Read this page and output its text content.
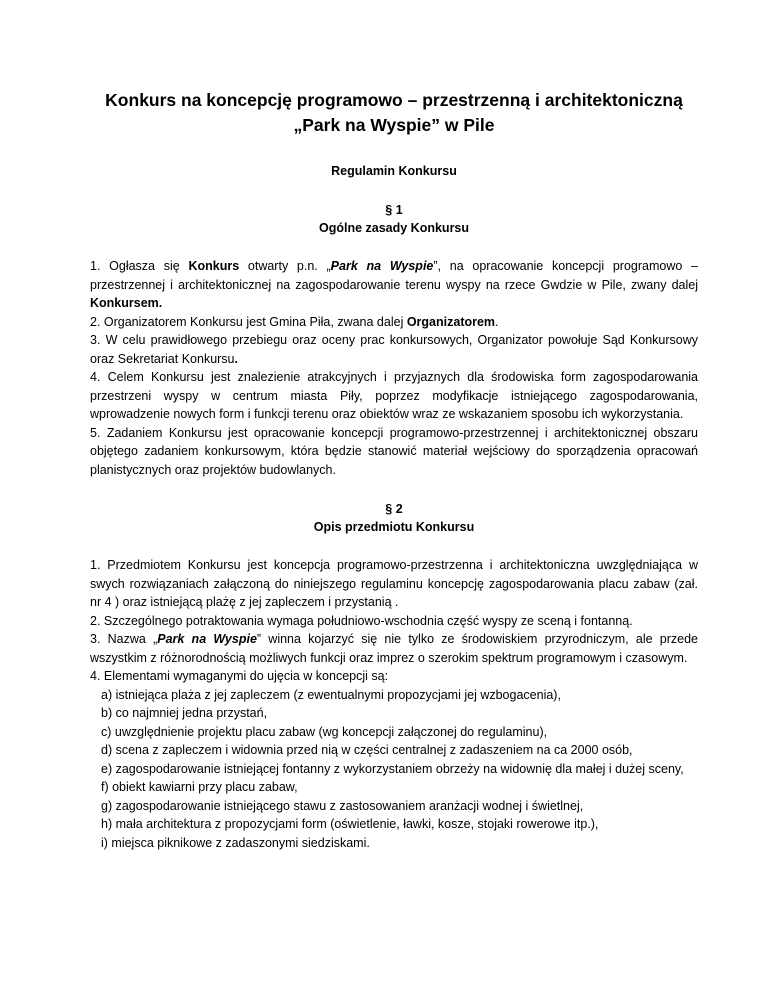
Konkurs na koncepcję programowo – przestrzenną i architektoniczną
„Park na Wyspie” w Pile
Regulamin Konkursu
§ 1
Ogólne zasady Konkursu
1. Ogłasza się Konkurs otwarty p.n. „Park na Wyspie”, na opracowanie koncepcji programowo – przestrzennej i architektonicznej na zagospodarowanie terenu wyspy na rzece Gwdzie w Pile, zwany dalej Konkursem.
2. Organizatorem Konkursu jest Gmina Piła, zwana dalej Organizatorem.
3. W celu prawidłowego przebiegu oraz oceny prac konkursowych, Organizator powołuje Sąd Konkursowy oraz Sekretariat Konkursu.
4. Celem Konkursu jest znalezienie atrakcyjnych i przyjaznych dla środowiska form zagospodarowania przestrzeni wyspy w centrum miasta Piły, poprzez modyfikacje istniejącego zagospodarowania, wprowadzenie nowych form i funkcji terenu oraz obiektów wraz ze wskazaniem sposobu ich wykorzystania.
5. Zadaniem Konkursu jest opracowanie koncepcji programowo-przestrzennej i architektonicznej obszaru objętego zadaniem konkursowym, która będzie stanowić materiał wejściowy do sporządzenia opracowań planistycznych oraz projektów budowlanych.
§ 2
Opis przedmiotu Konkursu
1. Przedmiotem Konkursu jest koncepcja programowo-przestrzenna i architektoniczna uwzględniająca w swych rozwiązaniach załączoną do niniejszego regulaminu koncepcję zagospodarowania placu zabaw (zał. nr 4 ) oraz istniejącą plażę z jej zapleczem i przystanią .
2. Szczególnego potraktowania wymaga południowo-wschodnia część wyspy ze sceną i fontanną.
3. Nazwa „Park na Wyspie” winna kojarzyć się nie tylko ze środowiskiem przyrodniczym, ale przede wszystkim z różnorodnością możliwych funkcji oraz imprez o szerokim spektrum programowym i czasowym.
4. Elementami wymaganymi do ujęcia w koncepcji są:
a) istniejąca plaża z jej zapleczem (z ewentualnymi propozycjami jej wzbogacenia),
b) co najmniej jedna przystań,
c) uwzględnienie projektu placu zabaw (wg koncepcji załączonej do regulaminu),
d) scena z zapleczem i widownia przed nią w części centralnej z zadaszeniem na ca 2000 osób,
e) zagospodarowanie istniejącej fontanny z wykorzystaniem obrzeży na widownię dla małej i dużej sceny,
f) obiekt kawiarni przy placu zabaw,
g) zagospodarowanie istniejącego stawu z zastosowaniem aranżacji wodnej i świetlnej,
h) mała architektura z propozycjami form (oświetlenie, ławki, kosze, stojaki rowerowe itp.),
i) miejsca piknikowe z zadaszonymi siedziskami.
